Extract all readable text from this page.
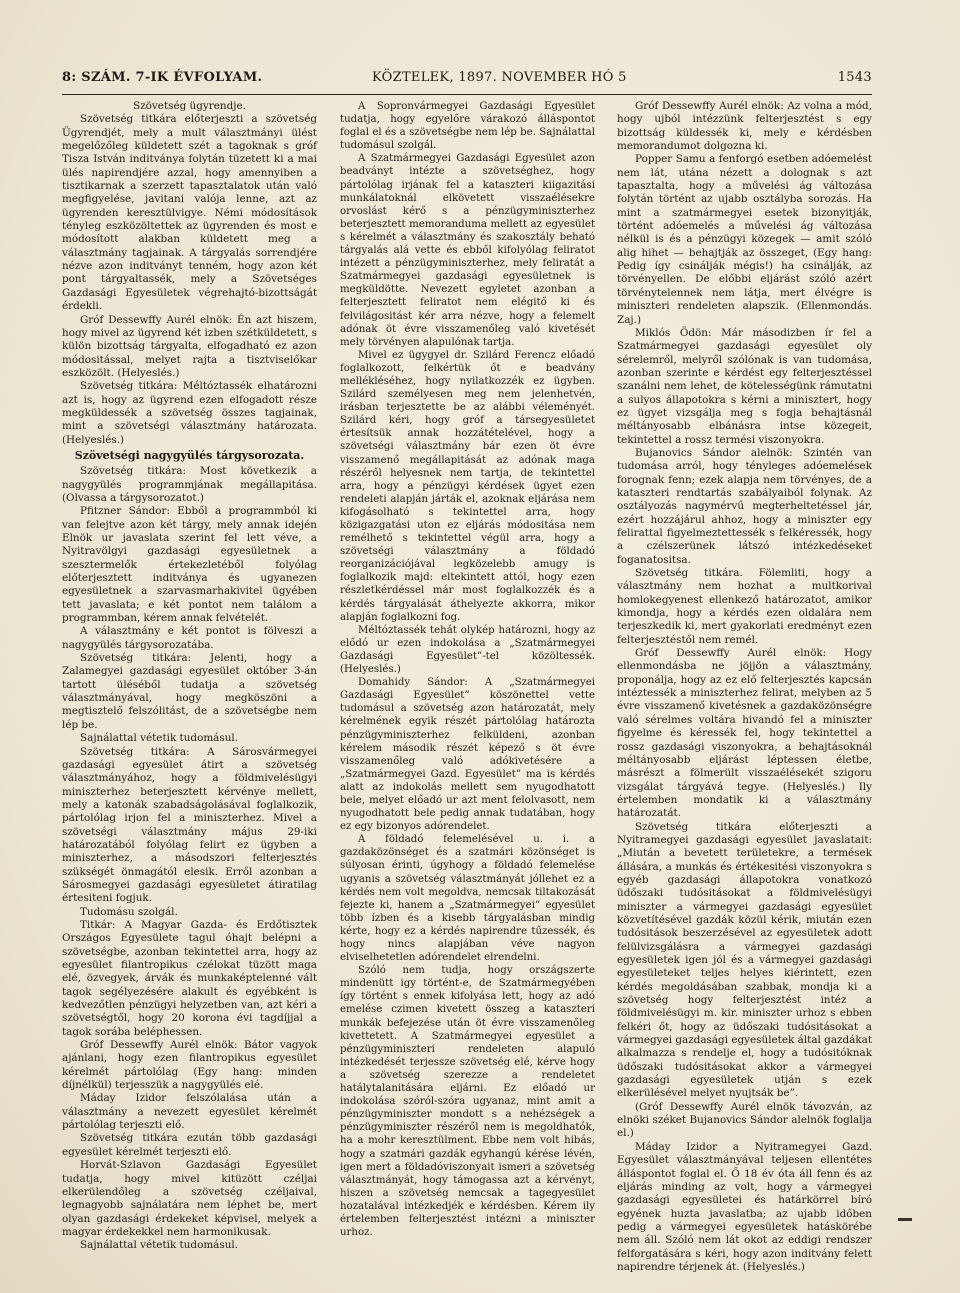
8: SZÁM. 7-IK ÉVFOLYAM.	KÖZTELEK, 1897. NOVEMBER HÓ 5	1543

Szövetség ügyrendje.

Szövetség titkára előterjeszti a szövetség Ügyrendjét, mely a mult választmányi ülést megelőzőleg küldetett szét a tagoknak s gróf Tisza István inditványa folytán tüzetett ki a mai ülés napirendjére azzal, hogy amennyiben a tisztikarnak a szerzett tapasztalatok után való megfigyelése, javitani valója lenne, azt az ügyrenden keresztülvigye. Némi módosítások tényleg eszközöltettek az ügyrenden és most e módosított alakban küldetett meg a választmány tagjainak. A tárgyalás sorrendjére nézve azon inditványt tenném, hogy azon két pont tárgyaltassék, mely a Szövetséges Gazdasági Egyesületek végrehajtó-bizottságát érdekli.

Gróf Dessewffy Aurél elnök: Én azt hiszem, hogy mivel az ügyrend két izben szétküldetett, s külön bizottság tárgyalta, elfogadható ez azon módositással, melyet rajta a tisztviselőkar eszközölt. (Helyeslés.)

Szövetség titkára: Méltóztassék elhatározni azt is, hogy az ügyrend ezen elfogadott része megküldessék a szövetség összes tagjainak, mint a szövetségi választmány határozata. (Helyeslés.)

Szövetségi nagygyülés tárgysorozata.

Szövetség titkára: Most következik a nagygyülés programmjának megállapitása. (Olvassa a tárgysorozatot.)

Pfitzner Sándor: Ebből a programmból ki van felejtve azon két tárgy, mely annak idején Elnök ur javaslata szerint fel lett véve, a Nyitravölgyi gazdasági egyesületnek a szesztermelők értekezletéből folyólag előterjesztett inditványa és ugyanezen egyesületnek a szarvasmarhakivitel ügyében tett javaslata; e két pontot nem találom a programmban, kérem annak felvételét.

A választmány e két pontot is fölveszi a nagygyülés tárgysorozatába.

Szövetség titkára: Jelenti, hogy a Zalamegyei gazdasági egyesület október 3-án tartott üléséből tudatja a szövetség választmányával, hogy megköszöni a megtisztelő felszólitást, de a szövetségbe nem lép be.

Sajnálattal vétetik tudomásul.

Szövetség titkára: A Sárosvármegyei gazdasági egyesület átirt a szövetség választmányához, hogy a földmivelésügyi miniszterhez beterjesztett kérvénye mellett, mely a katonák szabadságolásával foglalkozik, pártolólag irjon fel a miniszterhez. Mivel a szövetségi választmány május 29-iki határozatából folyólag felirt ez ügyben a miniszterhez, a másodszori felterjesztés szükségét önmagától elesik. Erről azonban a Sárosmegyei gazdasági egyesületet átiratilag értesiteni fogjuk.

Tudomásu szolgál.

Titkár: A Magyar Gazda- és Erdőtisztek Országos Egyesülete tagul óhajt belépni a szövetségbe, azonban tekintettel arra, hogy az egyesület filantropikus czélokat tüzött maga elé, özvegyek, árvák és munkaképtelenné vált tagok segélyezésére alakult és egyébként is kedvezőtlen pénzügyi helyzetben van, azt kéri a szövetségtől, hogy 20 korona évi tagdíjjal a tagok sorába beléphessen.

Gróf Dessewffy Aurél elnök: Bátor vagyok ajánlani, hogy ezen filantropikus egyesület kérelmét pártolólag (Egy hang: minden díjnélkül) terjesszük a nagygyülés elé.

Máday Izidor felszólalása után a választmány a nevezett egyesület kérelmét pártolólag terjeszti elő.

Szövetség titkára ezután több gazdasági egyesület kérelmét terjeszti elő.

Horvát-Szlavon Gazdasági Egyesület tudatja, hogy mivel kitüzött czéljai elkerülendőleg a szövetség czéljaival, legnagyobb sajnálatára nem léphet be, mert olyan gazdasági érdekeket képvisel, melyek a magyar érdekekkel nem harmonikusak.

Sajnálattal vétetik tudomásul.

A Sopronvármegyei Gazdasági Egyesület tudatja, hogy egyelőre várakozó álláspontot foglal el és a szövetségbe nem lép be. Sajnálattal tudomásul szolgál.

A Szatmármegyei Gazdasági Egyesület azon beadványt intézte a szövetséghez, hogy pártolólag irjának fel a kataszteri kiigazitási munkálatoknál elkövetett visszaélésekre orvoslást kérő s a pénzügyminiszterhez beterjesztett memoranduma mellett az egyesület s kérelmét a választmány és szakosztály beható tárgyalás alá vette és ebből kifolyólag feliratot intézett a pénzügyminiszterhez, mely feliratát a Szatmármegyei gazdasági egyesületnek is megküldötte. Nevezett egyletet azonban a felterjesztett feliratot nem elégitő ki és felvilágositást kér arra nézve, hogy a felemelt adónak öt évre visszamenőleg való kivetését mely törvényen alapulónak tartja.

Mivel ez ügygyel dr. Szilárd Ferencz előadó foglalkozott, felkértük őt e beadvány mellékléséhez, hogy nyilatkozzék ez ügyben. Szilárd személyesen meg nem jelenhetvén, irásban terjesztette be az alábbi véleményét. Szilárd kéri, hogy gróf a társegyesületet értesítsük annak hozzátételével, hogy a szövetségi választmány bár ezen öt évre visszamenő megállapitását az adónak maga részéről helyesnek nem tartja, de tekintettel arra, hogy a pénzügyi kérdések ügyet ezen rendeleti alapján járták el, azoknak eljárása nem kifogásolható s tekintettel arra, hogy közigazgatási uton ez eljárás módositása nem remélhető s tekintettel végül arra, hogy a szövetségi választmány a földadó reorganizációjával legközelebb amugy is foglalkozik majd: eltekintett attól, hogy ezen részletkérdéssel már most foglalkozzék és a kérdés tárgyalását áthelyezte akkorra, mikor alapján foglalkozni fog.

Méltóztassék tehát olykép határozni, hogy az elődó ur ezen indokolása a „Szatmármegyei Gazdasági Egyesület”-tel közöltessék. (Helyeslés.)

Domahidy Sándor: A „Szatmármegyei Gazdasági Egyesület” köszönettel vette tudomásul a szövetség azon határozatát, mely kérelmének egyik részét pártolólag határozta pénzügyminiszterhez felküldeni, azonban kérelem második részét képező s öt évre visszamenőleg való adókivetésére a „Szatmármegyei Gazd. Egyesület” ma is kérdés alatt az indokolás mellett sem nyugodhatott bele, melyet előadó ur azt ment felolvasott, nem nyugodhatott bele pedig annak tudatában, hogy ez egy bizonyos adórendelet.

A földadó felemelésével u. i. a gazdaközönséget és a szatmári közönséget is súlyosan érinti, úgyhogy a földadó felemelése ugyanis a szövetség választmányát jóllehet ez a kérdés nem volt megoldva, nemcsak tiltakozását fejezte ki, hanem a „Szatmármegyei” egyesület több ízben és a kisebb tárgyalásban mindig kérte, hogy ez a kérdés napirendre tűzessék, és hogy nincs alapjában véve nagyon elviselhetetlen adórendelet elrendelni.

Szóló nem tudja, hogy országszerte mindenütt igy történt-e, de Szatmármegyében így történt s ennek kifolyása lett, hogy az adó emelése czimen kivetett összeg a kataszteri munkák befejezése után öt évre visszamenőleg kivettetett. A Szatmármegyei egyesület a pénzügyminiszteri rendeleten alapuló intézkedését terjessze szövetség elé, kérve hogy a szövetség szerezze a rendeletet hatálytalanitására eljárni. Ez előadó ur indokolása szóról-szóra ugyanaz, mint amit a pénzügyminiszter mondott s a nehézségek a pénzügyminiszter részéről nem is megoldhatók, ha a mohr keresztülment. Ebbe nem volt hibás, hogy a szatmári gazdák egyhangú kérése lévén, igen mert a földadóviszonyait ismeri a szövetség választmányát, hogy támogassa azt a kérvényt, hiszen a szövetség nemcsak a tagegyesület hozatalával intézkedjék e kérdésben. Kérem ily értelemben felterjesztést intézni a miniszter urhoz.

Gróf Dessewffy Aurél elnök: Az volna a mód, hogy ujból intézzünk felterjesztést s egy bizottság küldessék ki, mely e kérdésben memorandumot dolgozna ki.

Popper Samu a fenforgó esetben adóemelést nem lát, utána nézett a dolognak s azt tapasztalta, hogy a művelési ág változása folytán történt az ujabb osztályba sorozás. Ha mint a szatmármegyei esetek bizonyitják, történt adóemelés a művelési ág változása nélkül is és a pénzügyi közegek — amit szóló alig hihet — behajtják az összeget, (Egy hang: Pedig így csinálják mégis!) ha csinálják, az törvényellen. De előbbi eljárást szóló azért törvénytelennek nem látja, mert élvégre is miniszteri rendeleten alapszik. (Ellenmondás. Zaj.)

Miklós Ödön: Már másodizben ír fel a Szatmármegyei gazdasági egyesület oly sérelemről, melyről szólónak is van tudomása, azonban szerinte e kérdést egy felterjesztéssel szanálni nem lehet, de kötelességünk rámutatni a sulyos állapotokra s kérni a minisztert, hogy ez ügyet vizsgálja meg s fogja behajtásnál méltányosabb elbánásra intse közegeit, tekintettel a rossz termési viszonyokra.

Bujanovics Sándor alelnök: Szintén van tudomása arról, hogy tényleges adóemelések forognak fenn; ezek alapja nem törvényes, de a kataszteri rendtartás szabályaiból folynak. Az osztályozás nagymérvű megterheltetéssel jár, ezért hozzájárul ahhoz, hogy a miniszter egy felirattal figyelmeztettessék s felkéressék, hogy a czélszerünek látszó intézkedéseket foganatositsa.

Szövetség titkára. Fölemliti, hogy a választmány nem hozhat a multkorival homlokegyenest ellenkező határozatot, amikor kimondja, hogy a kérdés ezen oldalára nem terjeszkedik ki, mert gyakorlati eredményt ezen felterjesztéstől nem remél.

Gróf Dessewffy Aurél elnök: Hogy ellenmondásba ne jöjjön a választmány, proponálja, hogy az ez elő felterjesztés kapcsán intéztessék a miniszterhez felirat, melyben az 5 évre visszamenő kivetésnek a gazdaközönségre való sérelmes voltára hivandó fel a miniszter figyelme és kéressék fel, hogy tekintettel a rossz gazdasági viszonyokra, a behajtásoknál méltányosabb eljárást léptessen életbe, másrészt a fölmerült visszaélésekét szigoru vizsgálat tárgyává tegye. (Helyeslés.) Ily értelemben mondatik ki a választmány határozatát.

Szövetség titkára előterjeszti a Nyitramegyei gazdasági egyesület javaslatait: „Miután a bevetett területekre, a termések állására, a munkás és értékesitési viszonyokra s egyéb gazdasági állapotokra vonatkozó üdőszaki tudósitásokat a földmivelésügyi miniszter a vármegyei gazdasági egyesület közvetítésével gazdák közül kérik, miután ezen tudósitások beszerzésével az egyesületek adott felülvizsgálásra a vármegyei gazdasági egyesületek igen jól és a vármegyei gazdasági egyesületeket teljes helyes kiérintett, ezen kérdés megoldásában szabbak, mondja ki a szövetség hogy felterjesztést intéz a földmivelésügyi m. kir. miniszter urhoz s ebben felkéri őt, hogy az üdőszaki tudósitásokat a vármegyei gazdasági egyesületek által gazdákat alkalmazza s rendelje el, hogy a tudósitóknak üdőszaki tudósitásokat akkor a vármegyei gazdasági egyesületek utján s ezek elkerülésével melyet nyujtsák be”.

(Gróf Dessewffy Aurél elnök távozván, az elnöki széket Bujanovics Sándor alelnök foglalja el.)

Máday Izidor a Nyitramegyei Gazd. Egyesület választmányával teljesen ellentétes álláspontot foglal el. Ő 18 év óta áll fenn és az eljárás minding az volt, hogy a vármegyei gazdasági egyesületei és határkörrel bíró egyének huzta javaslatba; az ujabb időben pedig a vármegyei egyesületek hatáskörébe nem áll. Szóló nem lát okot az eddigi rendszer felforgatására s kéri, hogy azon inditvány felett napirendre térjenek át. (Helyeslés.)
